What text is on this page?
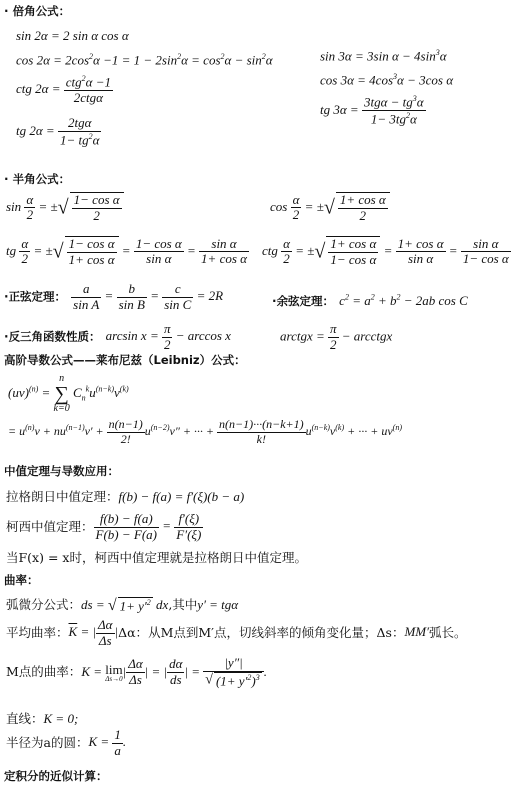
· 倍角公式：
sin 2α = 2 sin α cos α
$\cos 2\alpha = 2\cos^2\alpha -1 = 1 - 2\sin^2\alpha = \cos^2\alpha - \sin^2\alpha$
ctg $2\alpha = \frac{ctg^2\alpha -1}{\text{2ctgα}}$
tg $2\alpha = \frac{\text{2tgα}}{1- tg^2\alpha}$
sin 3α = 3sin $\alpha - 4\sin^3\alpha$
$\cos 3\alpha = 4\cos^3\alpha - 3\cos$ α
tg $3\alpha = \frac{3tg\alpha - tg^3\alpha}{1- 3tg^2\alpha}$
· 半角公式：
$\sin \frac{\alpha}{2}$ = ±√ $\frac{\text{1− cos α}}{2}$	$\cos \frac{\alpha}{2}$ = ±√ $\frac{\text{1+ cos α}}{2}$
tg $\frac{\alpha}{2}$ = ±√ $\frac{\text{1− cos α}}{\text{1+ cos α}} = \frac{\text{1− cos α}}{\text{sin α}} = \frac{\text{sin α}}{\text{1+ cos α}}$ ctg $\frac{\alpha}{2}$ = ±√ $\frac{\text{1+ cos α}}{\text{1− cos α}} = \frac{\text{1+ cos α}}{\text{sin α}} = \frac{\text{sin α}}{\text{1− cos α}}$
·正弦定理： $\frac{a}{\text{sin A}} = \frac{b}{\text{sin B}} = \frac{c}{\text{sin C}} = 2R$	·余弦定理： $c^2 = a^2 + b^2 - 2ab$ cos C
·反三角函数性质： $\arcsin x = \frac{\pi}{2} - \arccos x$	arctgx = $\frac{\pi}{2}$ − arcctgx
高阶导数公式——莱布尼兹（Leibniz）公式：
(uv)$^{(n)}$ =
n
∑
k=0
$C_n^ku^{(n-k)}v^{(k)}$
= $u^{(n)}v + nu^{(n-1)}v' + \frac{n(n-1)}{2!} u^{(n-2)}v''$ + ··· + $\frac{n(n-1)\cdot\cdot\cdot(n-k+1)}{k!} u^{(n-k)}v^{(k)}$ + ··· + $uv^{(n)}$
中值定理与导数应用：
拉格朗日中值定理：f(b) − f(a) = f′(ξ)(b − a)
柯西中值定理： $\frac{f(b) - f(a)}{F(b) - F(a)} = \frac{f'(\xi)}{F'(\xi)}$
当F(x) = x时，柯西中值定理就是拉格朗日中值定理。
曲率：
弧微分公式：ds = √ $1+ y'^2$ dx,其中y′ = tgα
平均曲率：$\overline{K}$ = | $\frac{\Delta\alpha}{\Delta s} |\Delta\alpha$：从M点到M′点，切线斜率的倾角变化量；Δs：MM′弧长。
M点的曲率：K = lim
Δs→0
| $\frac{\Delta\alpha}{\Delta s}$ | = | $\frac{d\alpha}{ds}$ | = $\frac{|y''|}{√ (1+ y'^2)^3}$ .
直线：K = 0;
半径为a的圆：$K = \frac{1}{a}$ .
定积分的近似计算：
